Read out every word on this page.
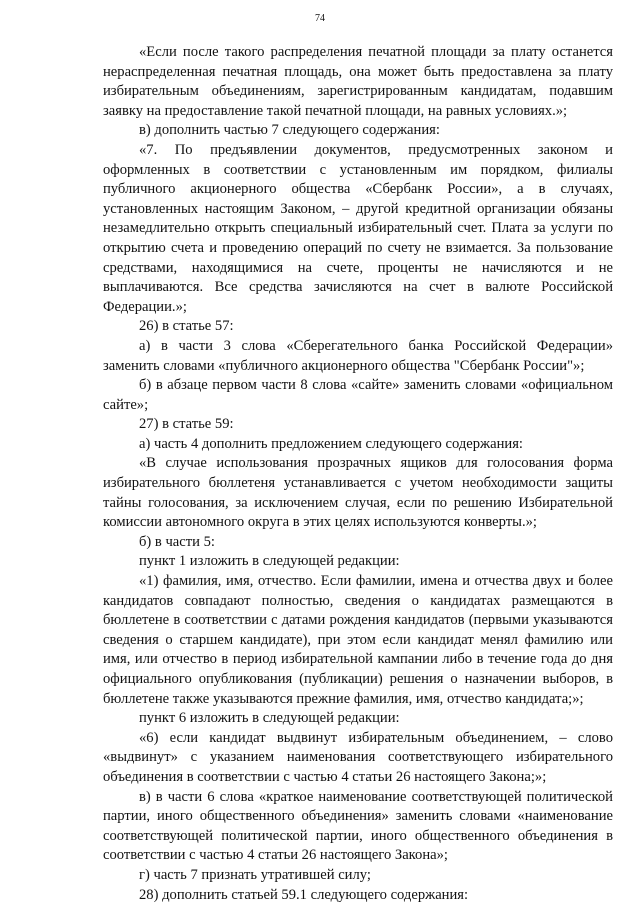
74

«Если после такого распределения печатной площади за плату останется нераспределенная печатная площадь, она может быть предоставлена за плату избирательным объединениям, зарегистрированным кандидатам, подавшим заявку на предоставление такой печатной площади, на равных условиях.»;

в) дополнить частью 7 следующего содержания:

«7. По предъявлении документов, предусмотренных законом и оформленных в соответствии с установленным им порядком, филиалы публичного акционерного общества «Сбербанк России», а в случаях, установленных настоящим Законом, – другой кредитной организации обязаны незамедлительно открыть специальный избирательный счет. Плата за услуги по открытию счета и проведению операций по счету не взимается. За пользование средствами, находящимися на счете, проценты не начисляются и не выплачиваются. Все средства зачисляются на счет в валюте Российской Федерации.»;

26) в статье 57:

а) в части 3 слова «Сберегательного банка Российской Федерации» заменить словами «публичного акционерного общества "Сбербанк России"»;

б) в абзаце первом части 8 слова «сайте» заменить словами «официальном сайте»;

27) в статье 59:

а) часть 4 дополнить предложением следующего содержания:

«В случае использования прозрачных ящиков для голосования форма избирательного бюллетеня устанавливается с учетом необходимости защиты тайны голосования, за исключением случая, если по решению Избирательной комиссии автономного округа в этих целях используются конверты.»;

б) в части 5:

пункт 1 изложить в следующей редакции:

«1) фамилия, имя, отчество. Если фамилии, имена и отчества двух и более кандидатов совпадают полностью, сведения о кандидатах размещаются в бюллетене в соответствии с датами рождения кандидатов (первыми указываются сведения о старшем кандидате), при этом если кандидат менял фамилию или имя, или отчество в период избирательной кампании либо в течение года до дня официального опубликования (публикации) решения о назначении выборов, в бюллетене также указываются прежние фамилия, имя, отчество кандидата;»;

пункт 6 изложить в следующей редакции:

«6) если кандидат выдвинут избирательным объединением, – слово «выдвинут» с указанием наименования соответствующего избирательного объединения в соответствии с частью 4 статьи 26 настоящего Закона;»;

в) в части 6 слова «краткое наименование соответствующей политической партии, иного общественного объединения» заменить словами «наименование соответствующей политической партии, иного общественного объединения в соответствии с частью 4 статьи 26 настоящего Закона»;

г) часть 7 признать утратившей силу;

28) дополнить статьей 59.1 следующего содержания:
